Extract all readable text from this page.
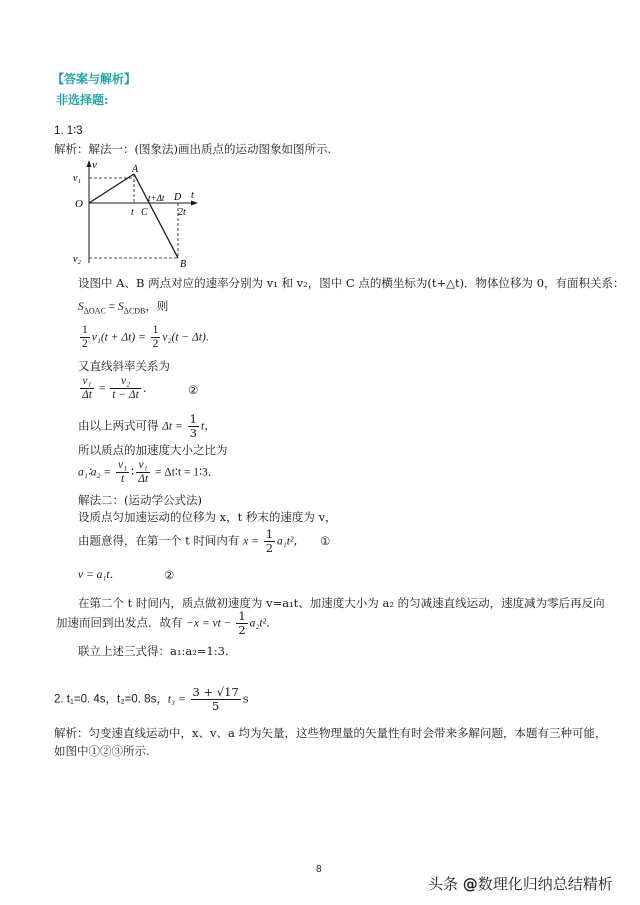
【答案与解析】
非选择题:
1. 1∶3
解析：解法一：(图象法)画出质点的运动图象如图所示.
v
t
v₁
v₂
O
A
B
C
D
t
t+Δt
2t
设图中 A、B 两点对应的速率分别为 v₁ 和 v₂，图中 C 点的横坐标为(t+△t)．物体位移为 0，有面积关系：
$S_{\Delta OAC} = S_{\Delta CDB}$，则
$\frac{1}{2} v_1(t + \Delta t) = \frac{1}{2} v_2(t - \Delta t)$.
又直线斜率关系为
$\frac{\text{v₁}}{\Delta t} = \frac{\text{v₂}}{t - \Delta t}$ ．	②
由以上两式可得 $\Delta t = \frac{1}{3}$ t，
所以质点的加速度大小之比为
a₁∶a₂ = $\frac{\text{v₁}}{t}$ ∶ $\frac{\text{v₁}}{\Delta t}$ = Δt∶t = 1∶3．
解法二：(运动学公式法)
设质点匀加速运动的位移为 x，t 秒末的速度为 v，
由题意得，在第一个 t 时间内有 $x = \frac{1}{2} a_1t^2$， ①
v = a₁t．	②
在第二个 t 时间内，质点做初速度为 v=a₁t、加速度大小为 a₂ 的匀减速直线运动，速度减为零后再反向
加速而回到出发点．故有 −x = vt − $\frac{1}{2} a_2t^2$．
联立上述三式得：a₁:a₂=1:3.
2. t₁=0. 4s，t₂=0. 8s，$t_3 = \frac{3 + √17}{5}$ s
解析：匀变速直线运动中，x、v、a 均为矢量，这些物理量的矢量性有时会带来多解问题，本题有三种可能，
如图中①②③所示.
8
头条 @数理化归纳总结精析
